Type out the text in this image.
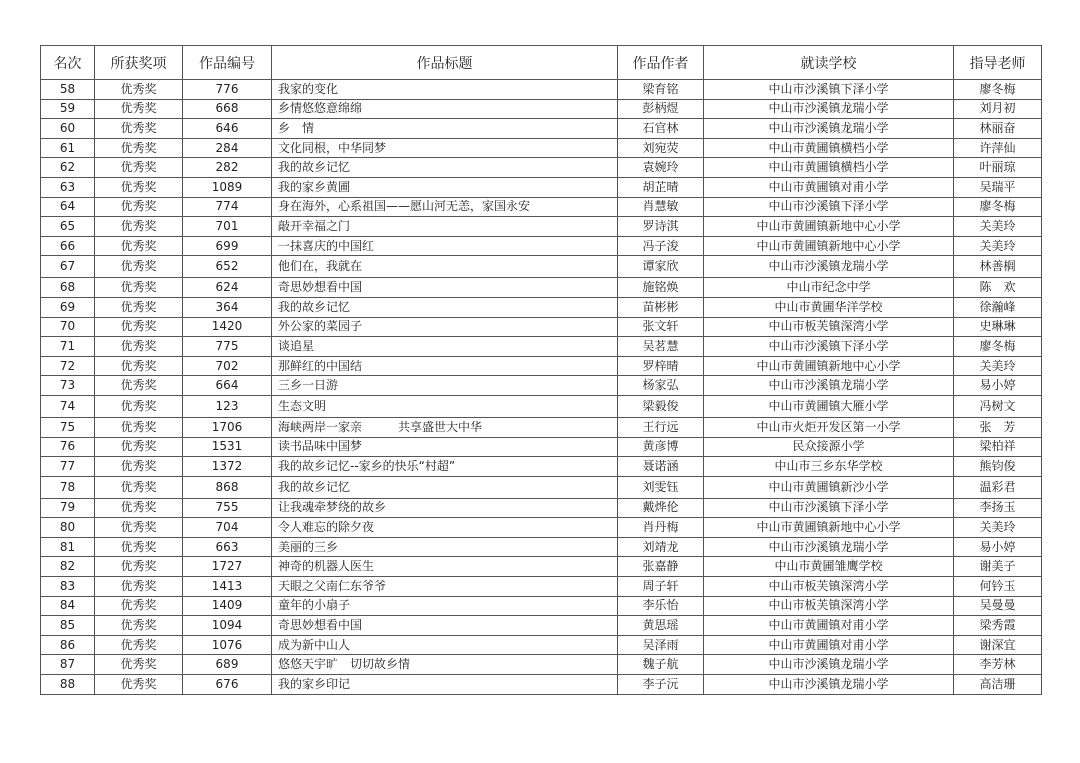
名次	所获奖项	作品编号	作品标题	作品作者	就读学校	指导老师
58	优秀奖	776	我家的变化	梁育铭	中山市沙溪镇下泽小学	廖冬梅
59	优秀奖	668	乡情悠悠意绵绵	彭柄煜	中山市沙溪镇龙瑞小学	刘月初
60	优秀奖	646	乡　情	石官林	中山市沙溪镇龙瑞小学	林丽奋
61	优秀奖	284	文化同根，中华同梦	刘宛荧	中山市黄圃镇横档小学	许萍仙
62	优秀奖	282	我的故乡记忆	袁婉玲	中山市黄圃镇横档小学	叶丽琼
63	优秀奖	1089	我的家乡黄圃	胡芷晴	中山市黄圃镇对甫小学	吴瑞平
64	优秀奖	774	身在海外，心系祖国——愿山河无恙，家国永安	肖慧敏	中山市沙溪镇下泽小学	廖冬梅
65	优秀奖	701	敲开幸福之门	罗诗淇	中山市黄圃镇新地中心小学	关美玲
66	优秀奖	699	一抹喜庆的中国红	冯子浚	中山市黄圃镇新地中心小学	关美玲
67	优秀奖	652	他们在，我就在	谭家欣	中山市沙溪镇龙瑞小学	林善榈
68	优秀奖	624	奇思妙想看中国	施铭焕	中山市纪念中学	陈　欢
69	优秀奖	364	我的故乡记忆	苗彬彬	中山市黄圃华洋学校	徐瀚峰
70	优秀奖	1420	外公家的菜园子	张文轩	中山市板芙镇深湾小学	史琳琳
71	优秀奖	775	谈追星	吴茗慧	中山市沙溪镇下泽小学	廖冬梅
72	优秀奖	702	那鲜红的中国结	罗梓晴	中山市黄圃镇新地中心小学	关美玲
73	优秀奖	664	三乡一日游	杨家弘	中山市沙溪镇龙瑞小学	易小婷
74	优秀奖	123	生态文明	梁毅俊	中山市黄圃镇大雁小学	冯树文
75	优秀奖	1706	海峡两岸一家亲　　　共享盛世大中华	王行远	中山市火炬开发区第一小学	张　芳
76	优秀奖	1531	读书品味中国梦	黄彦博	民众接源小学	梁柏祥
77	优秀奖	1372	我的故乡记忆--家乡的快乐“村超”	聂诺涵	中山市三乡东华学校	熊钧俊
78	优秀奖	868	我的故乡记忆	刘雯钰	中山市黄圃镇新沙小学	温彩君
79	优秀奖	755	让我魂牵梦绕的故乡	戴烨伦	中山市沙溪镇下泽小学	李扬玉
80	优秀奖	704	令人难忘的除夕夜	肖丹梅	中山市黄圃镇新地中心小学	关美玲
81	优秀奖	663	美丽的三乡	刘靖龙	中山市沙溪镇龙瑞小学	易小婷
82	优秀奖	1727	神奇的机器人医生	张嘉静	中山市黄圃雏鹰学校	谢美子
83	优秀奖	1413	天眼之父南仁东爷爷	周子轩	中山市板芙镇深湾小学	何钤玉
84	优秀奖	1409	童年的小扇子	李乐怡	中山市板芙镇深湾小学	吴曼曼
85	优秀奖	1094	奇思妙想看中国	黄思瑶	中山市黄圃镇对甫小学	梁秀霞
86	优秀奖	1076	成为新中山人	吴泽雨	中山市黄圃镇对甫小学	谢深宜
87	优秀奖	689	悠悠天宇旷　切切故乡情	魏子航	中山市沙溪镇龙瑞小学	李芳林
88	优秀奖	676	我的家乡印记	李子沅	中山市沙溪镇龙瑞小学	高洁珊
